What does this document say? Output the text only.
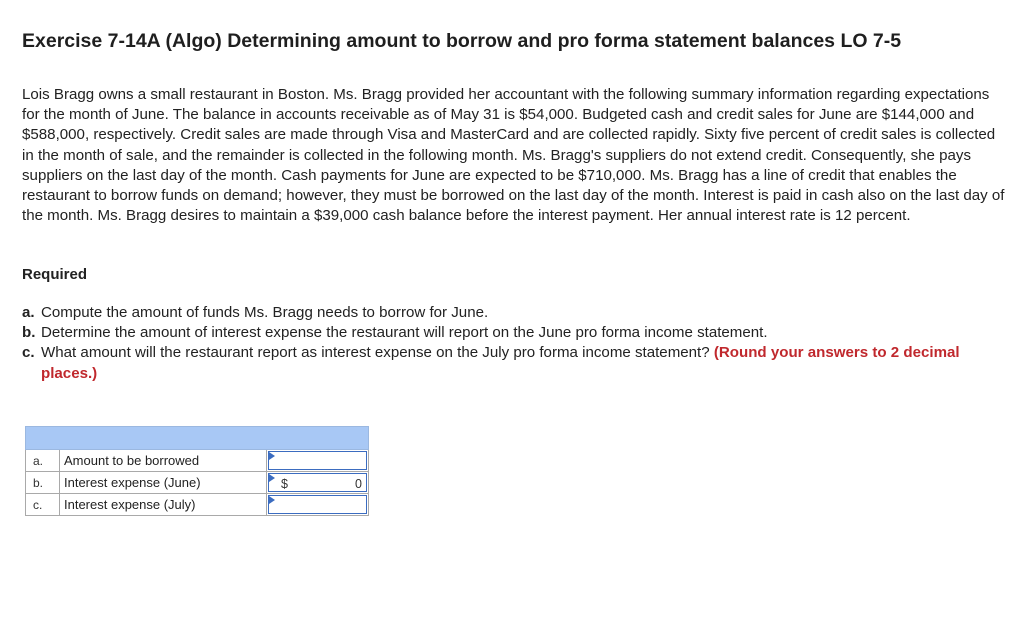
Exercise 7-14A (Algo) Determining amount to borrow and pro forma statement balances LO 7-5

Lois Bragg owns a small restaurant in Boston. Ms. Bragg provided her accountant with the following summary information regarding expectations for the month of June. The balance in accounts receivable as of May 31 is $54,000. Budgeted cash and credit sales for June are $144,000 and $588,000, respectively. Credit sales are made through Visa and MasterCard and are collected rapidly. Sixty five percent of credit sales is collected in the month of sale, and the remainder is collected in the following month. Ms. Bragg's suppliers do not extend credit. Consequently, she pays suppliers on the last day of the month. Cash payments for June are expected to be $710,000. Ms. Bragg has a line of credit that enables the restaurant to borrow funds on demand; however, they must be borrowed on the last day of the month. Interest is paid in cash also on the last day of the month. Ms. Bragg desires to maintain a $39,000 cash balance before the interest payment. Her annual interest rate is 12 percent.

Required

a. Compute the amount of funds Ms. Bragg needs to borrow for June.
b. Determine the amount of interest expense the restaurant will report on the June pro forma income statement.
c. What amount will the restaurant report as interest expense on the July pro forma income statement? (Round your answers to 2 decimal places.)

a.	Amount to be borrowed	

b.	Interest expense (June)	$ 0

c.	Interest expense (July)	
